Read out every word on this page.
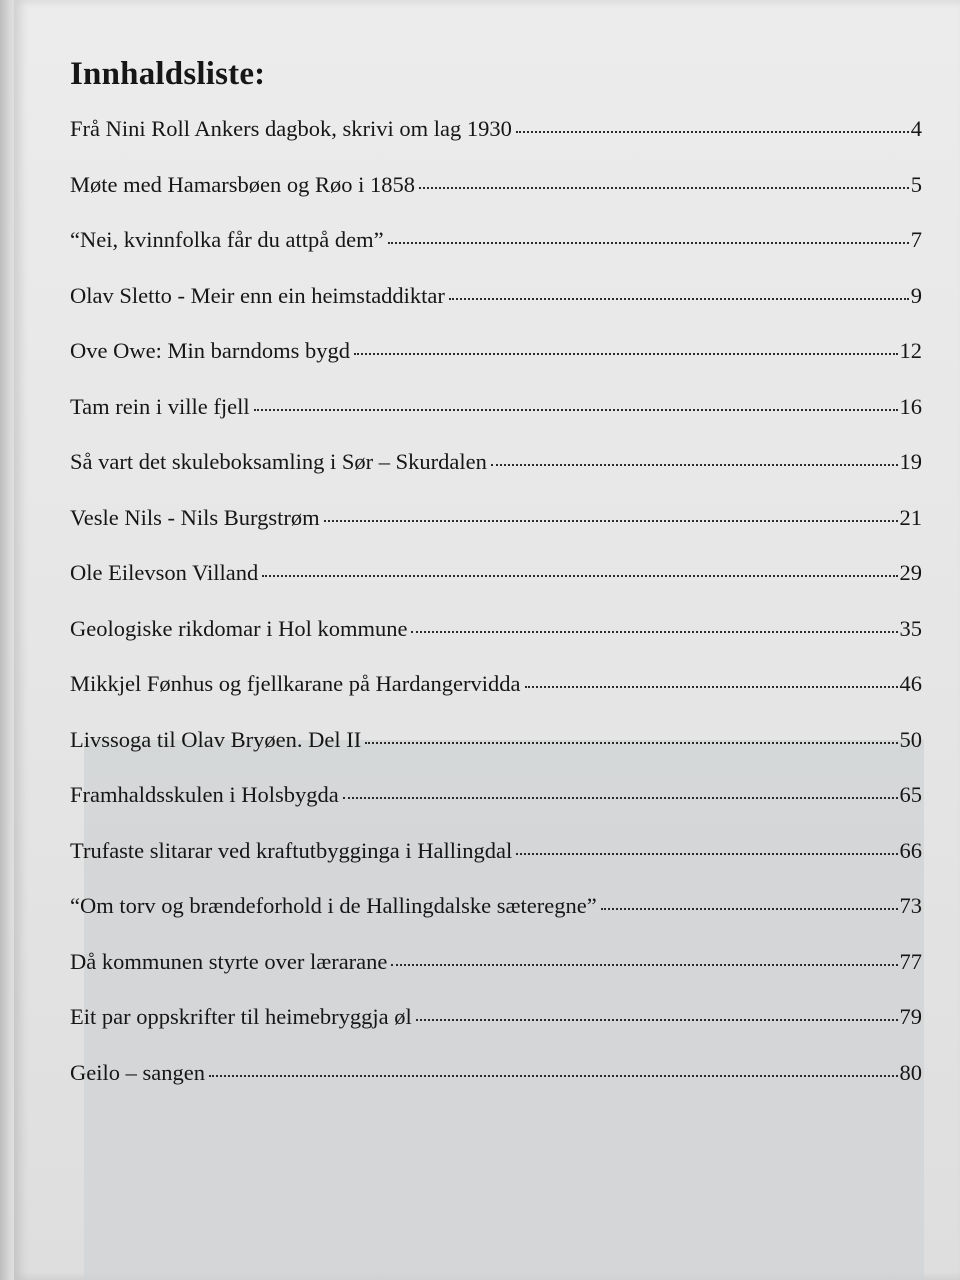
Innhaldsliste:
Frå Nini Roll Ankers dagbok, skrivi om lag 1930	4
Møte med Hamarsbøen og Røo i 1858	5
“Nei, kvinnfolka får du attpå dem”	7
Olav Sletto - Meir enn ein heimstaddiktar	9
Ove Owe: Min barndoms bygd	12
Tam rein i ville fjell	16
Så vart det skuleboksamling i Sør – Skurdalen	19
Vesle Nils - Nils Burgstrøm	21
Ole Eilevson Villand	29
Geologiske rikdomar i Hol kommune	35
Mikkjel Fønhus og fjellkarane på Hardangervidda	46
Livssoga til Olav Bryøen. Del II	50
Framhaldsskulen i Holsbygda	65
Trufaste slitarar ved kraftutbygginga i Hallingdal	66
“Om torv og brændeforhold i de Hallingdalske sæteregne”	73
Då kommunen styrte over lærarane	77
Eit par oppskrifter til heimebryggja øl	79
Geilo – sangen	80
